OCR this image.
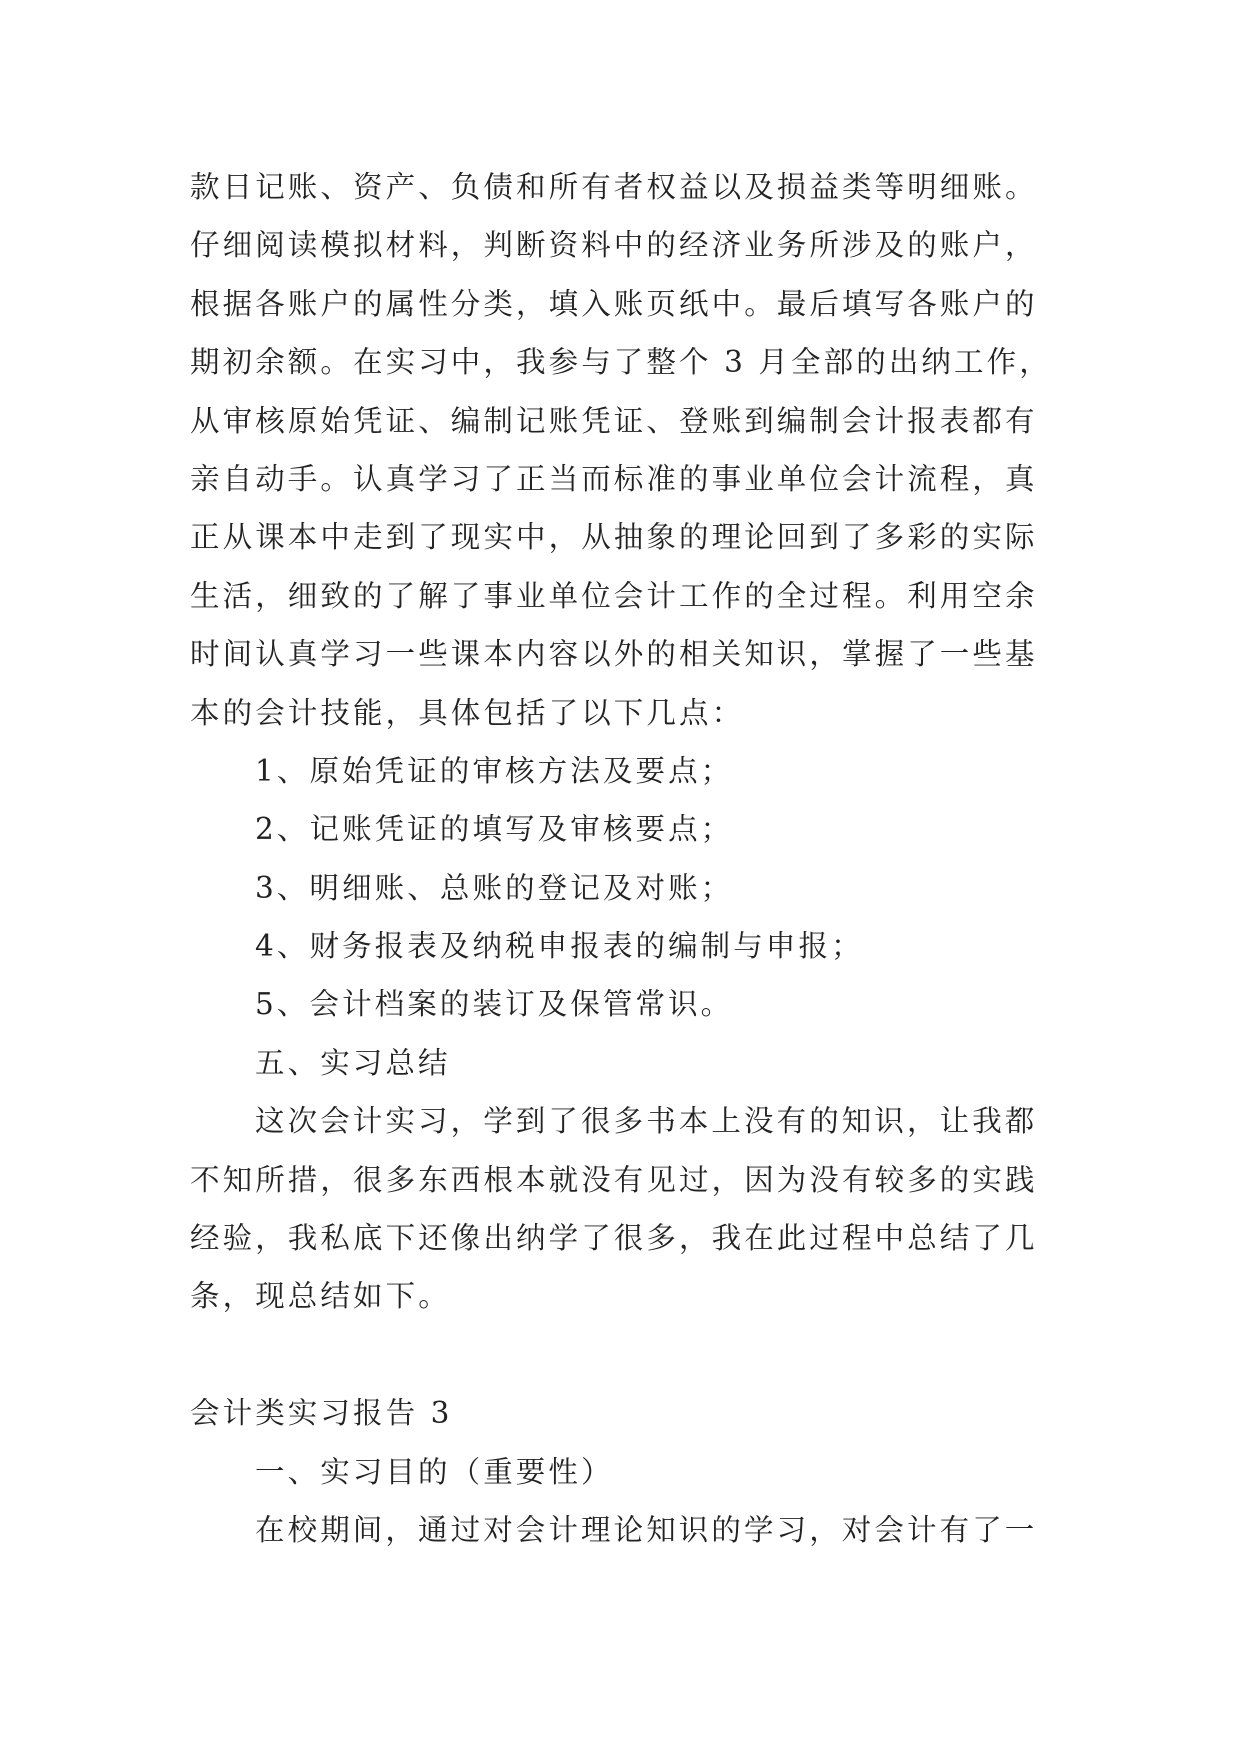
款日记账、资产、负债和所有者权益以及损益类等明细账。
仔细阅读模拟材料，判断资料中的经济业务所涉及的账户，
根据各账户的属性分类，填入账页纸中。最后填写各账户的
期初余额。在实习中，我参与了整个 3 月全部的出纳工作，
从审核原始凭证、编制记账凭证、登账到编制会计报表都有
亲自动手。认真学习了正当而标准的事业单位会计流程，真
正从课本中走到了现实中，从抽象的理论回到了多彩的实际
生活，细致的了解了事业单位会计工作的全过程。利用空余
时间认真学习一些课本内容以外的相关知识，掌握了一些基
本的会计技能，具体包括了以下几点：
1、原始凭证的审核方法及要点；
2、记账凭证的填写及审核要点；
3、明细账、总账的登记及对账；
4、财务报表及纳税申报表的编制与申报；
5、会计档案的装订及保管常识。
五、实习总结
这次会计实习，学到了很多书本上没有的知识，让我都
不知所措，很多东西根本就没有见过，因为没有较多的实践
经验，我私底下还像出纳学了很多，我在此过程中总结了几
条，现总结如下。
会计类实习报告 3
一、实习目的（重要性）
在校期间，通过对会计理论知识的学习，对会计有了一
